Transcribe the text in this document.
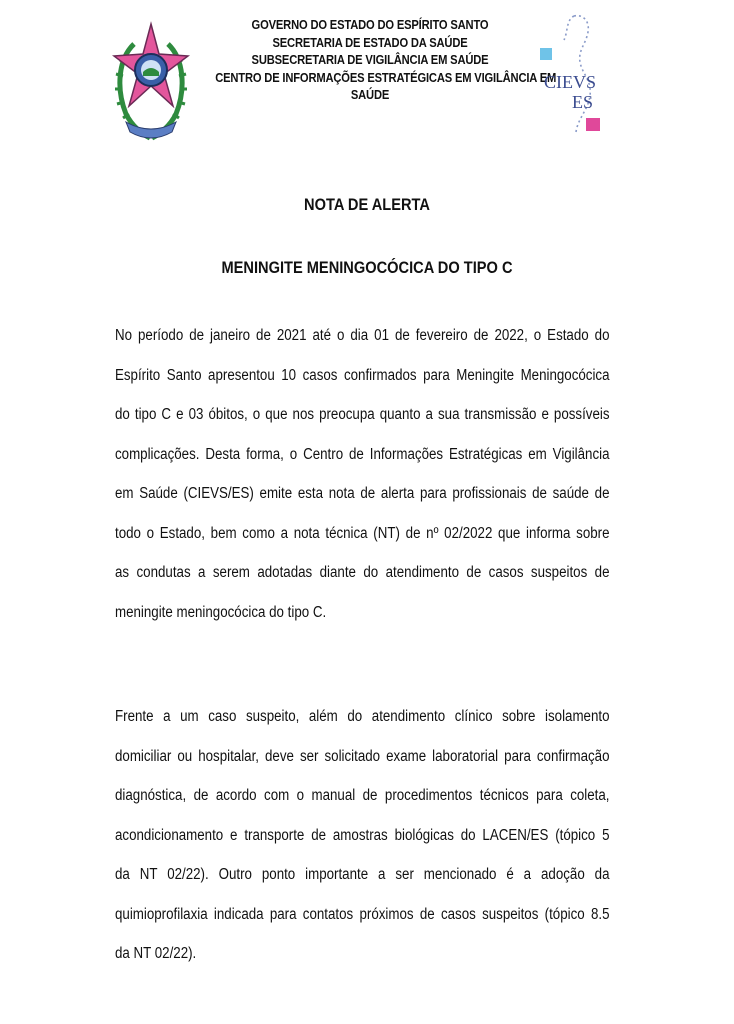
GOVERNO DO ESTADO DO ESPÍRITO SANTO
SECRETARIA DE ESTADO DA SAÚDE
SUBSECRETARIA DE VIGILÂNCIA EM SAÚDE
CENTRO DE INFORMAÇÕES ESTRATÉGICAS EM VIGILÂNCIA EM
SAÚDE
CIEVS
ES
NOTA DE ALERTA
MENINGITE MENINGOCÓCICA DO TIPO C
No período de janeiro de 2021 até o dia 01 de fevereiro de 2022, o Estado do
Espírito Santo apresentou 10 casos confirmados para Meningite Meningocócica
do tipo C e 03 óbitos, o que nos preocupa quanto a sua transmissão e possíveis
complicações. Desta forma, o Centro de Informações Estratégicas em Vigilância
em Saúde (CIEVS/ES) emite esta nota de alerta para profissionais de saúde de
todo o Estado, bem como a nota técnica (NT) de nº 02/2022 que informa sobre
as condutas a serem adotadas diante do atendimento de casos suspeitos de
meningite meningocócica do tipo C.
Frente a um caso suspeito, além do atendimento clínico sobre isolamento
domiciliar ou hospitalar, deve ser solicitado exame laboratorial para confirmação
diagnóstica, de acordo com o manual de procedimentos técnicos para coleta,
acondicionamento e transporte de amostras biológicas do LACEN/ES (tópico 5
da NT 02/22). Outro ponto importante a ser mencionado é a adoção da
quimioprofilaxia indicada para contatos próximos de casos suspeitos (tópico 8.5
da NT 02/22).
